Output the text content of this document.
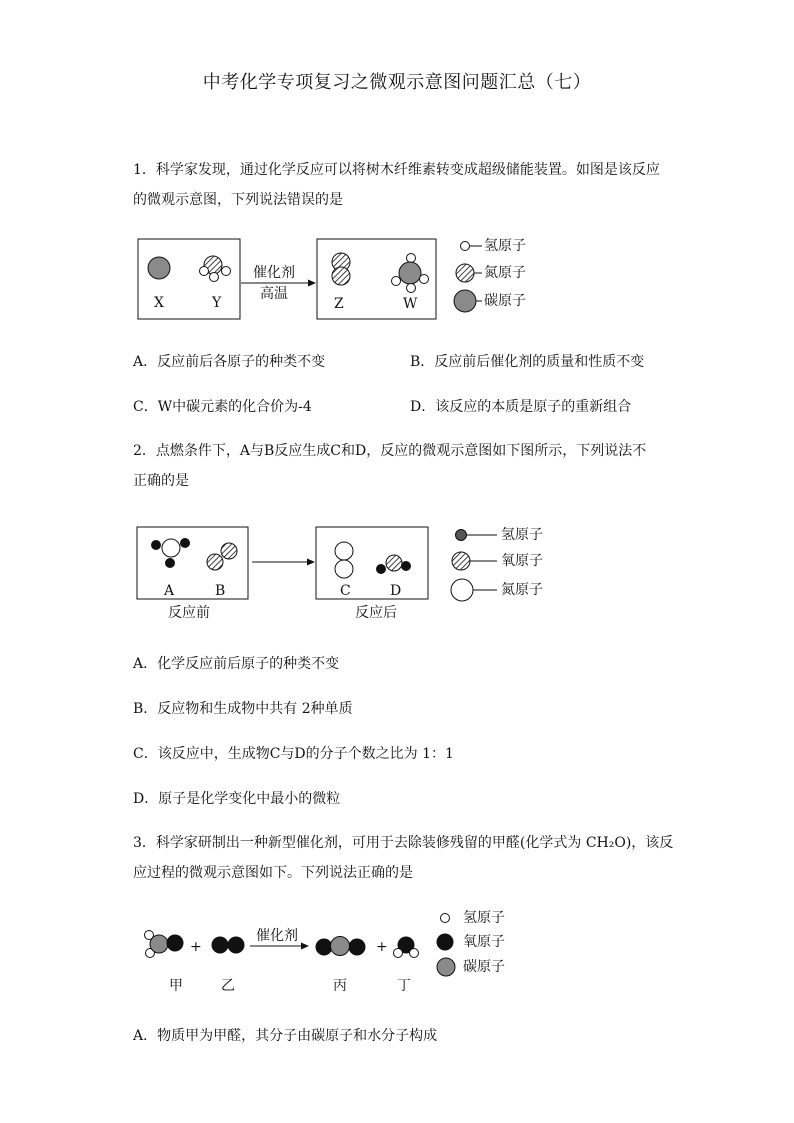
中考化学专项复习之微观示意图问题汇总（七）
1．科学家发现，通过化学反应可以将树木纤维素转变成超级储能装置。如图是该反应
的微观示意图，下列说法错误的是
催化剂
高温
X	Y	Z	W
氢原子
氮原子
碳原子
A．反应前后各原子的种类不变	B．反应前后催化剂的质量和性质不变
C．W中碳元素的化合价为-4	D．该反应的本质是原子的重新组合
2．点燃条件下，A与B反应生成C和D，反应的微观示意图如下图所示，下列说法不
正确的是
A	B	C	D
反应前	反应后
氢原子
氧原子
氮原子
A．化学反应前后原子的种类不变
B．反应物和生成物中共有 2种单质
C．该反应中，生成物C与D的分子个数之比为 1：1
D．原子是化学变化中最小的微粒
3．科学家研制出一种新型催化剂，可用于去除装修残留的甲醛(化学式为 CH₂O)，该反
应过程的微观示意图如下。下列说法正确的是
+	+
催化剂
甲	乙	丙	丁
氢原子
氧原子
碳原子
A．物质甲为甲醛，其分子由碳原子和水分子构成
